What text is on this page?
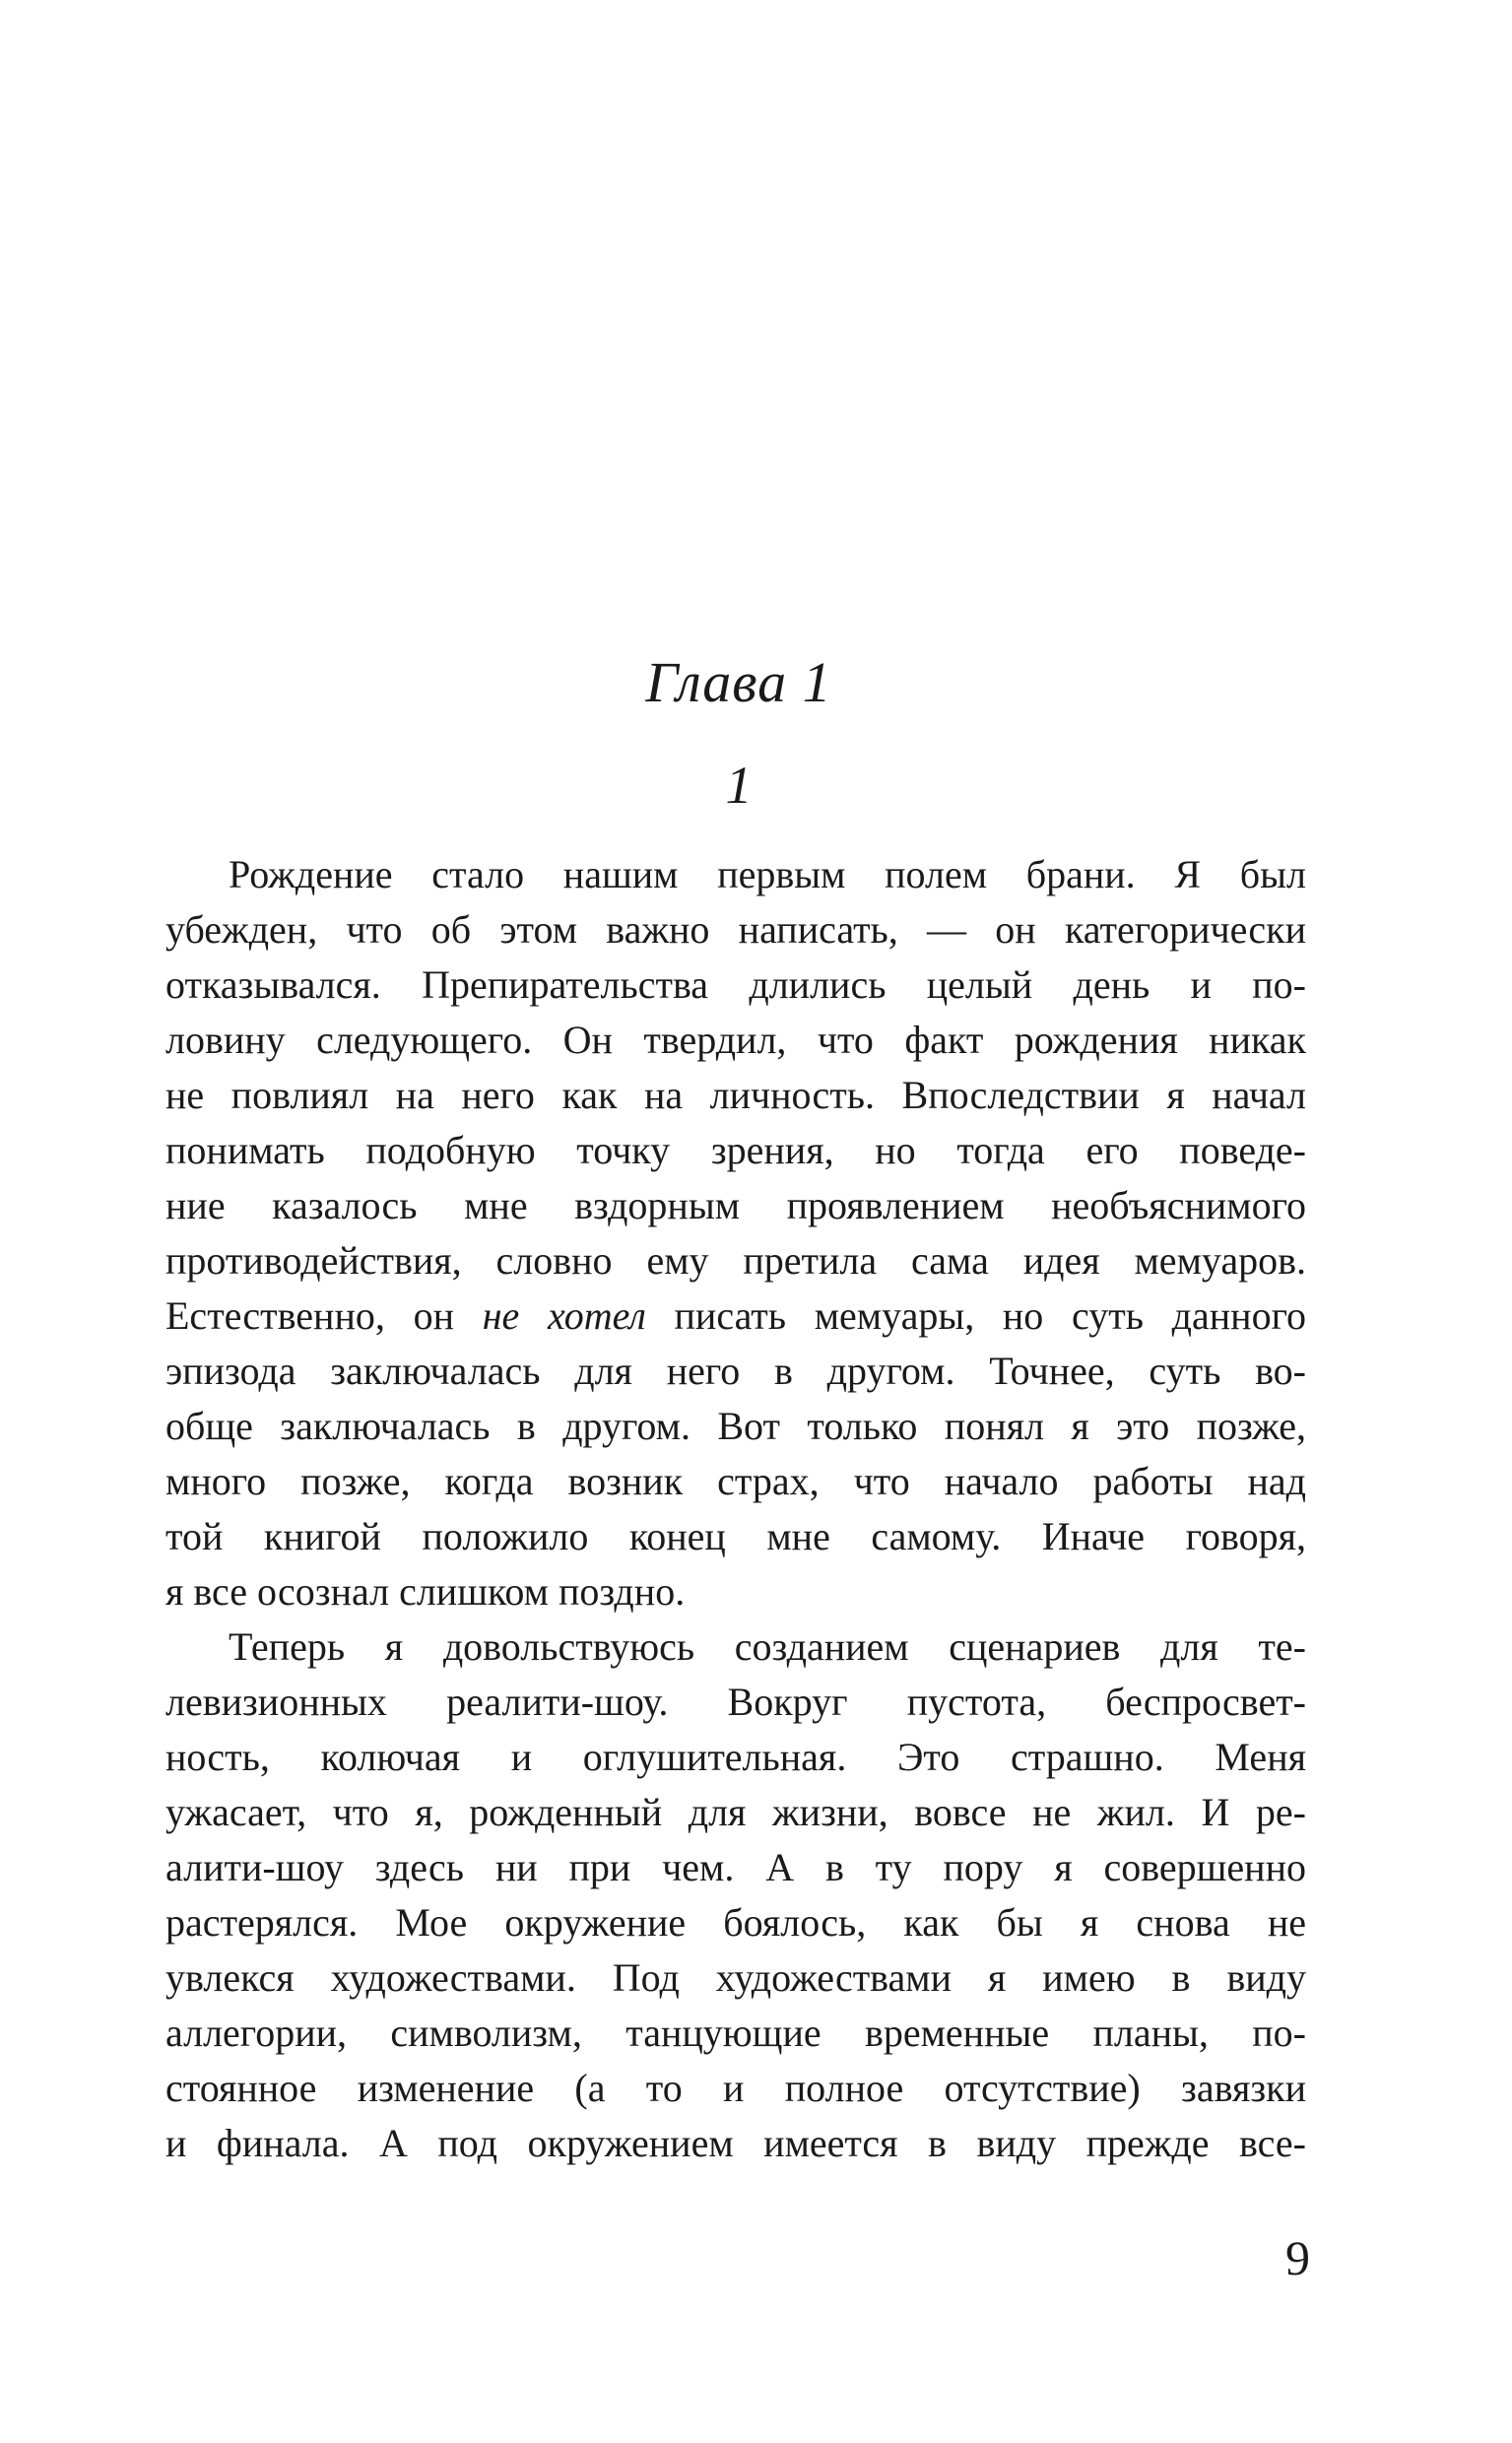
Глава 1
1
Рождение стало нашим первым полем брани. Я был
убежден, что об этом важно написать, — он категорически
отказывался. Препирательства длились целый день и по-
ловину следующего. Он твердил, что факт рождения никак
не повлиял на него как на личность. Впоследствии я начал
понимать подобную точку зрения, но тогда его поведе-
ние казалось мне вздорным проявлением необъяснимого
противодействия, словно ему претила сама идея мемуаров.
Естественно, он не хотел писать мемуары, но суть данного
эпизода заключалась для него в другом. Точнее, суть во-
обще заключалась в другом. Вот только понял я это позже,
много позже, когда возник страх, что начало работы над
той книгой положило конец мне самому. Иначе говоря,
я все осознал слишком поздно.
Теперь я довольствуюсь созданием сценариев для те-
левизионных реалити-шоу. Вокруг пустота, беспросвет-
ность, колючая и оглушительная. Это страшно. Меня
ужасает, что я, рожденный для жизни, вовсе не жил. И ре-
алити-шоу здесь ни при чем. А в ту пору я совершенно
растерялся. Мое окружение боялось, как бы я снова не
увлекся художествами. Под художествами я имею в виду
аллегории, символизм, танцующие временные планы, по-
стоянное изменение (а то и полное отсутствие) завязки
и финала. А под окружением имеется в виду прежде все-
9
